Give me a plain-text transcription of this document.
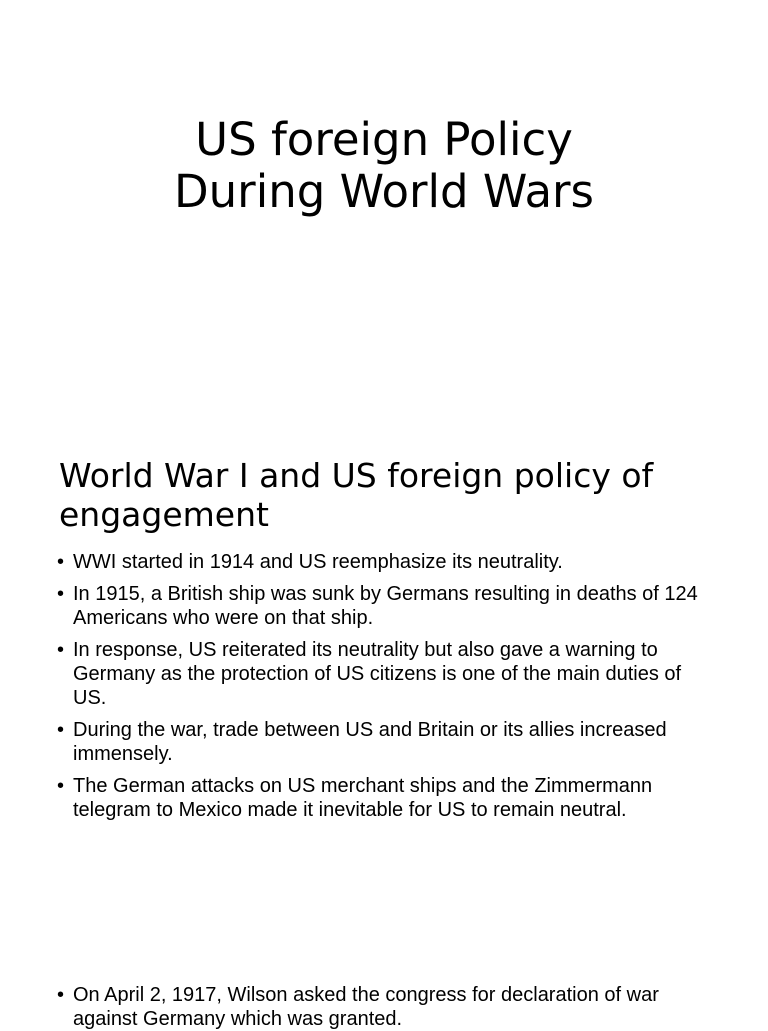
US foreign Policy
During World Wars
World War I and US foreign policy of engagement
• WWI started in 1914 and US reemphasize its neutrality.
• In 1915, a British ship was sunk by Germans resulting in deaths of 124 Americans who were on that ship.
• In response, US reiterated its neutrality but also gave a warning to Germany as the protection of US citizens is one of the main duties of US.
• During the war, trade between US and Britain or its allies increased immensely.
• The German attacks on US merchant ships and the Zimmermann telegram to Mexico made it inevitable for US to remain neutral.
• On April 2, 1917, Wilson asked the congress for declaration of war against Germany which was granted.
